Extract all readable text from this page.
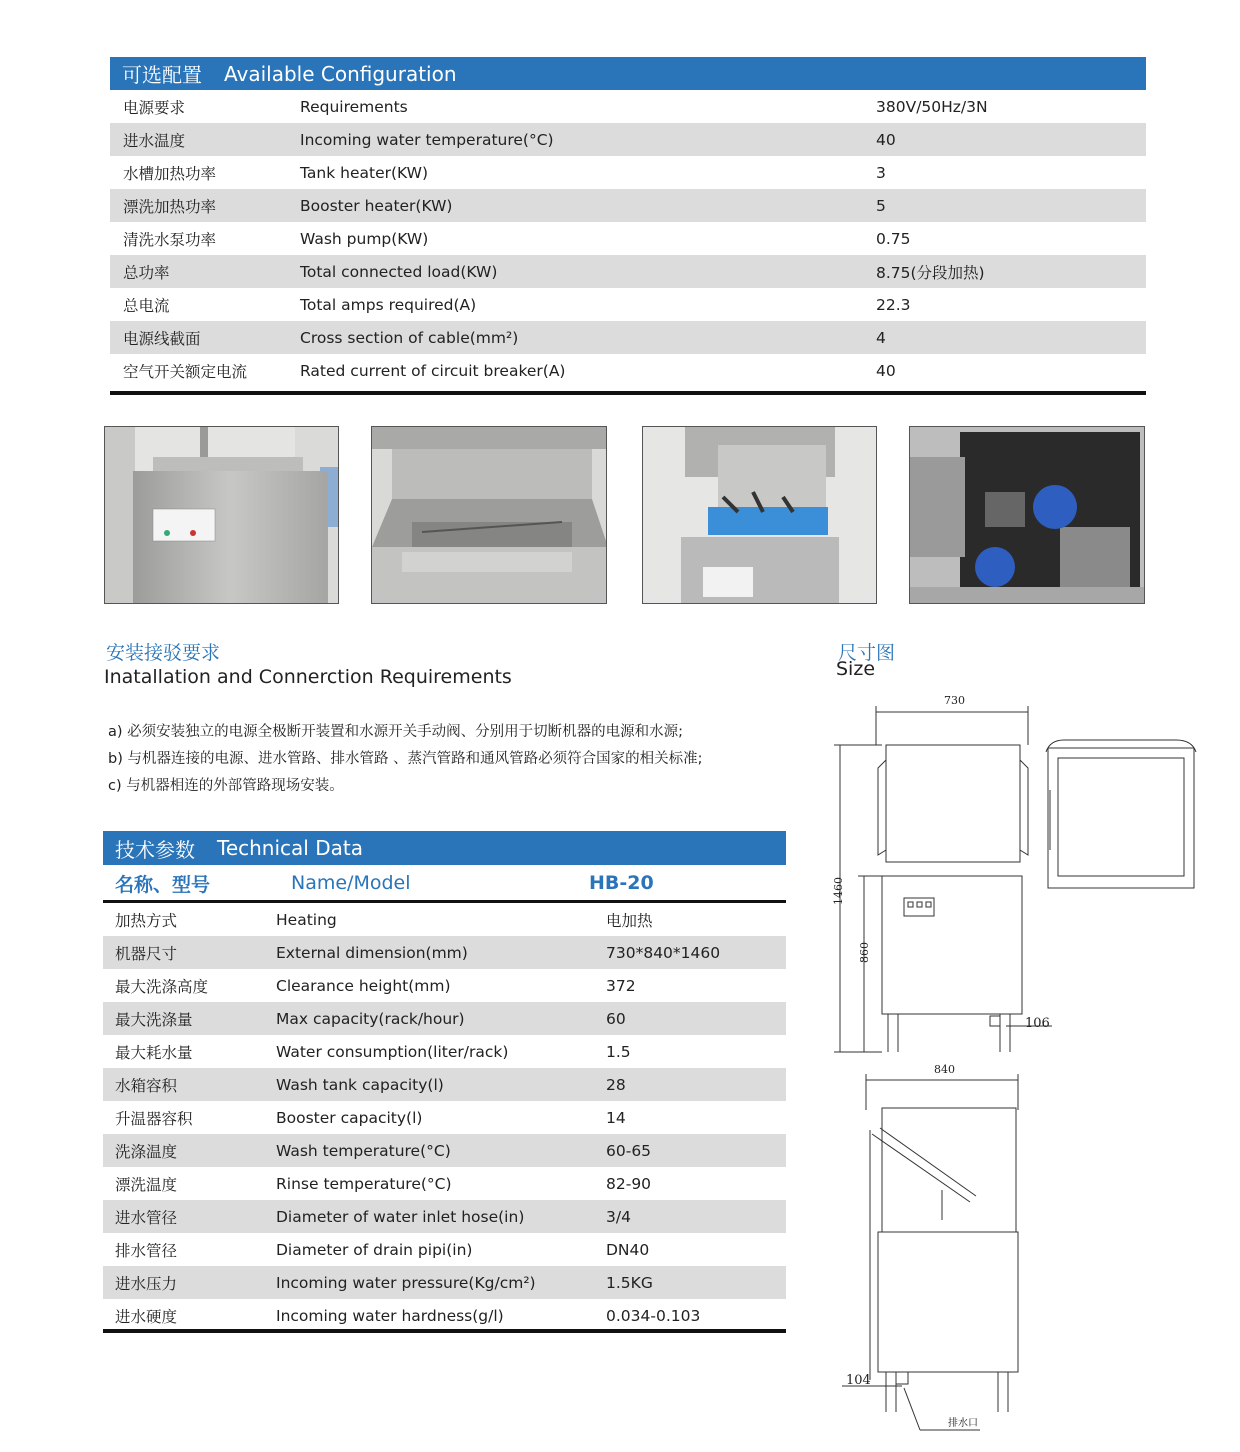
可选配置 Available Configuration
电源要求	Requirements	380V/50Hz/3N
进水温度	Incoming water temperature(°C)	40
水槽加热功率	Tank heater(KW)	3
漂洗加热功率	Booster heater(KW)	5
清洗水泵功率	Wash pump(KW)	0.75
总功率	Total connected load(KW)	8.75(分段加热)
总电流	Total amps required(A)	22.3
电源线截面	Cross section of cable(mm²)	4
空气开关额定电流	Rated current of circuit breaker(A)	40
安装接驳要求
Inatallation and Connerction Requirements
a) 必须安装独立的电源全极断开装置和水源开关手动阀、分别用于切断机器的电源和水源;
b) 与机器连接的电源、进水管路、排水管路 、蒸汽管路和通风管路必须符合国家的相关标准;
c) 与机器相连的外部管路现场安装。
技术参数 Technical Data
名称、型号	Name/Model	HB-20
加热方式	Heating	电加热
机器尺寸	External dimension(mm)	730*840*1460
最大洗涤高度	Clearance height(mm)	372
最大洗涤量	Max capacity(rack/hour)	60
最大耗水量	Water consumption(liter/rack)	1.5
水箱容积	Wash tank capacity(l)	28
升温器容积	Booster capacity(l)	14
洗涤温度	Wash temperature(°C)	60-65
漂洗温度	Rinse temperature(°C)	82-90
进水管径	Diameter of water inlet hose(in)	3/4
排水管径	Diameter of drain pipi(in)	DN40
进水压力	Incoming water pressure(Kg/cm²)	1.5KG
进水硬度	Incoming water hardness(g/l)	0.034-0.103
尺寸图
Size
730
1460
860
106
840
104
排水口
